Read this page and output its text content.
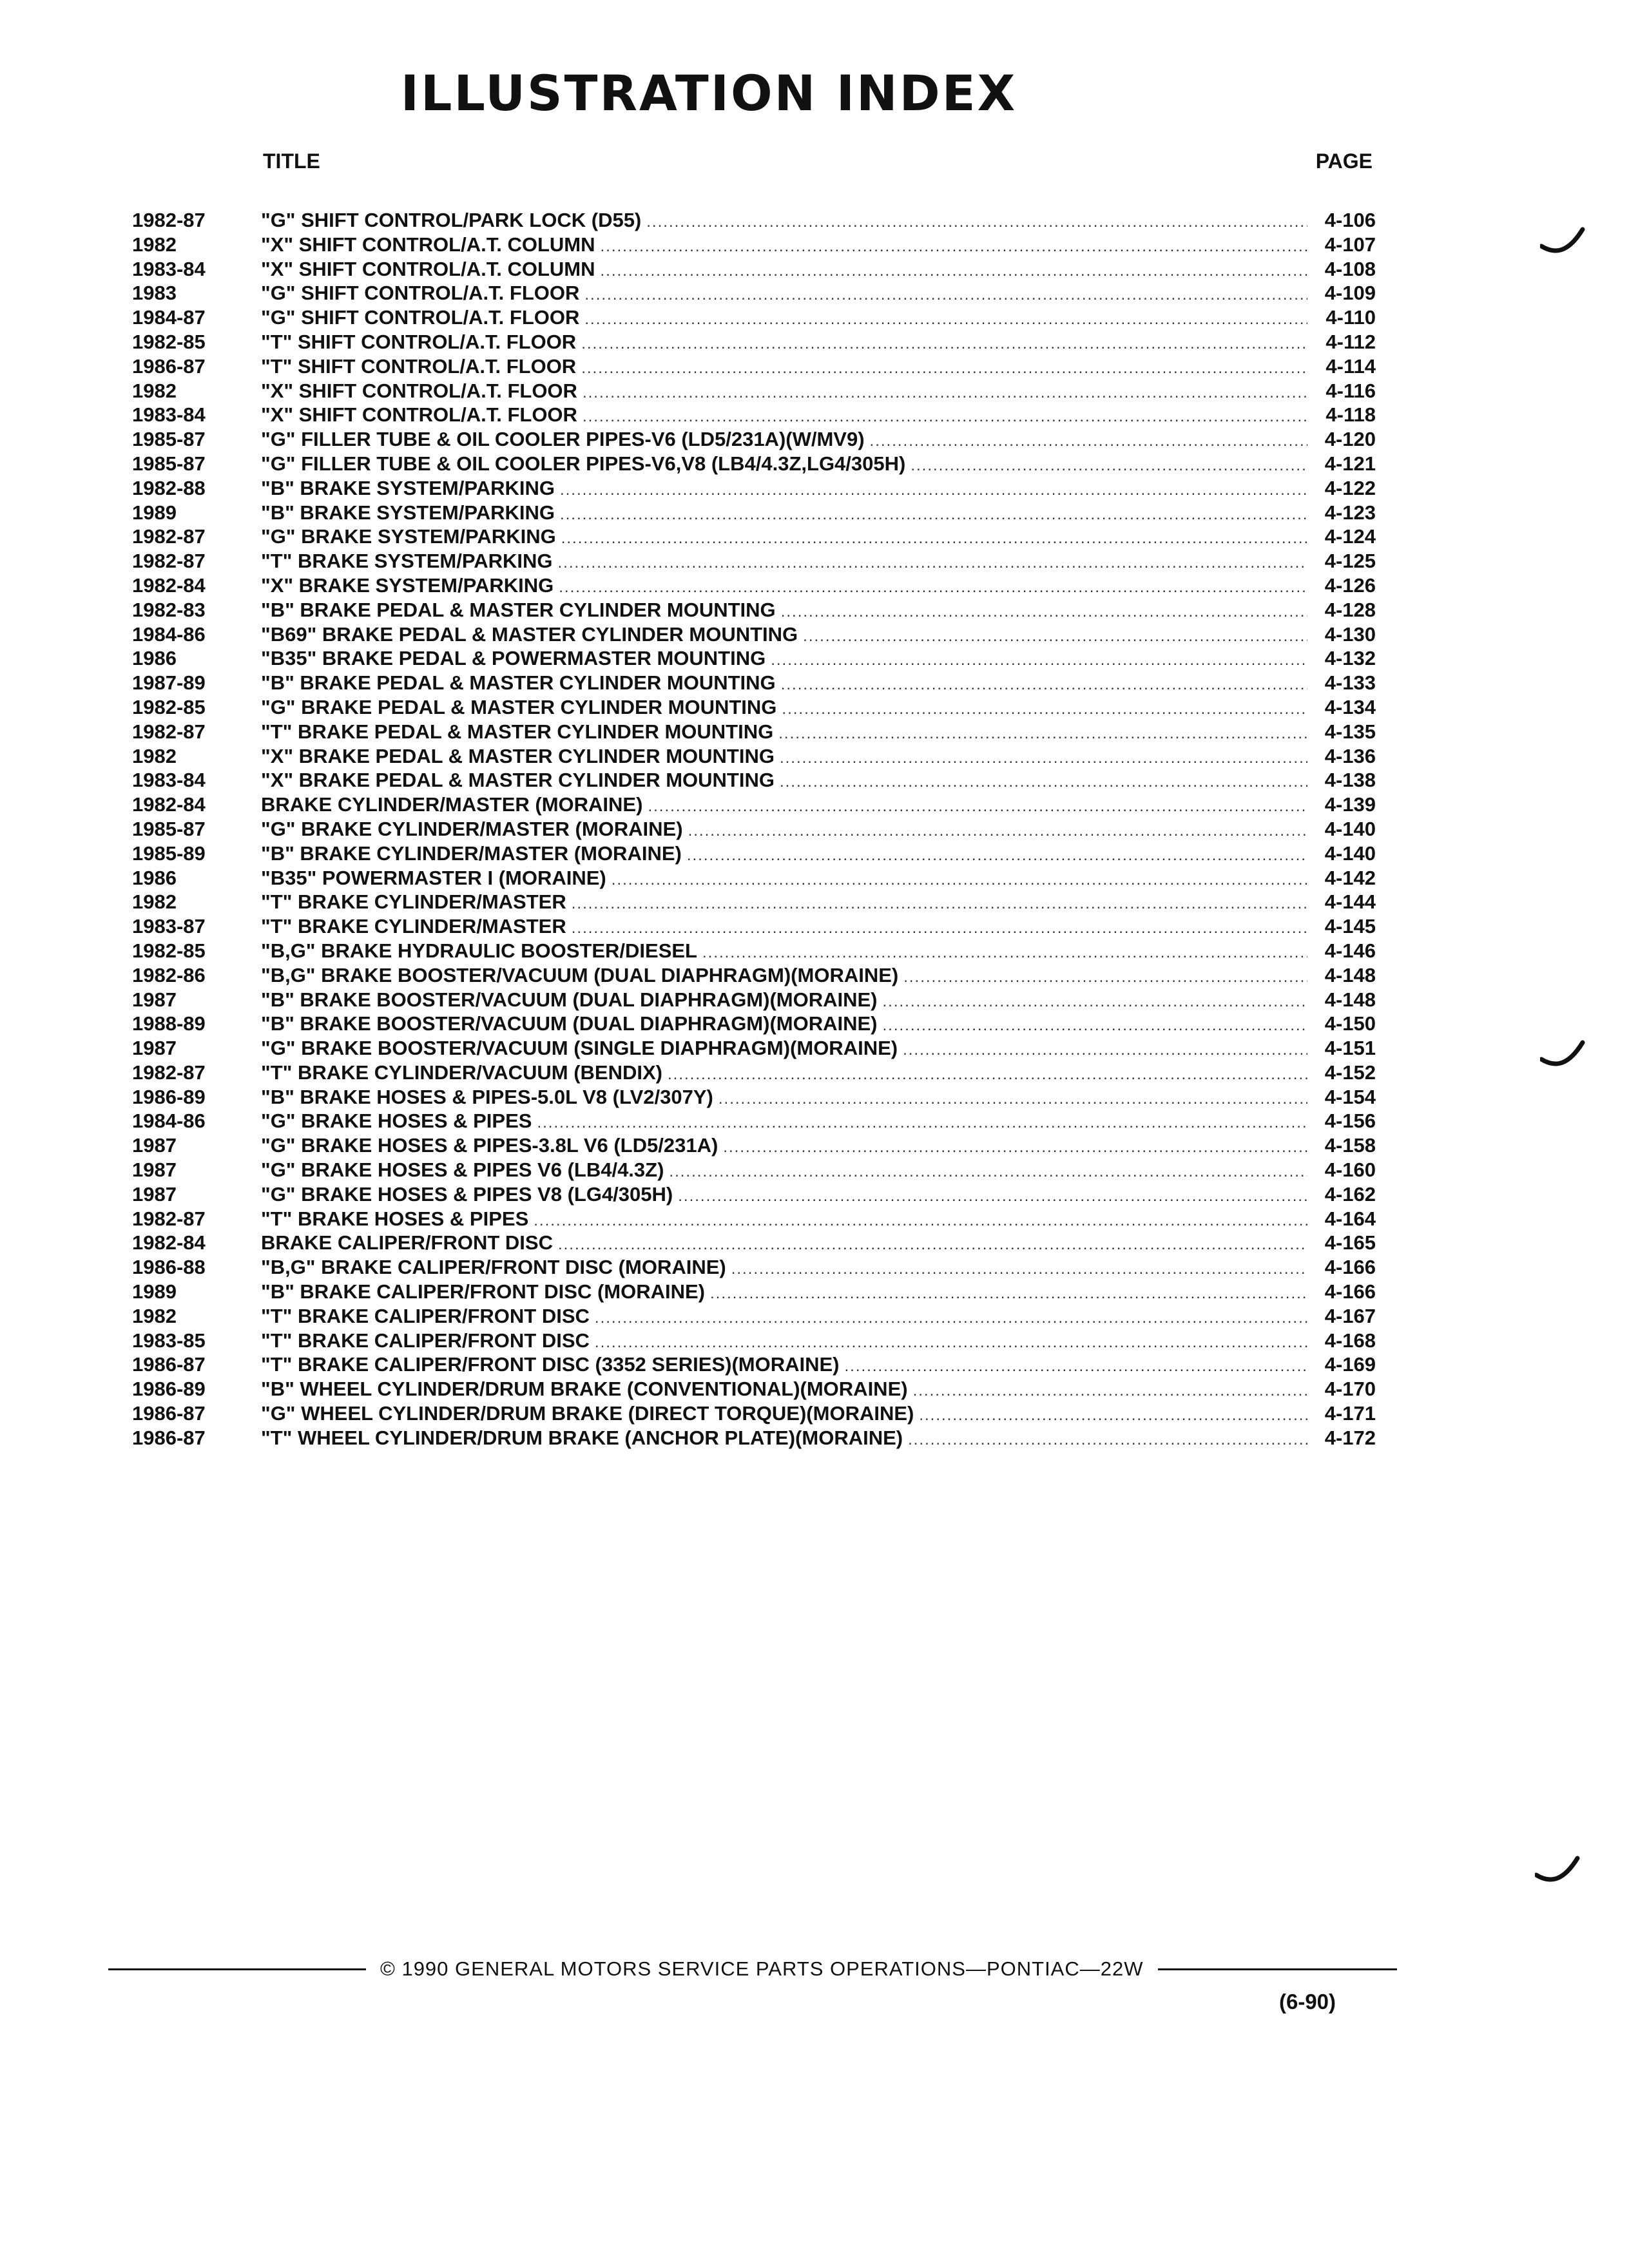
ILLUSTRATION INDEX
TITLE	PAGE
1982-87	"G" SHIFT CONTROL/PARK LOCK (D55) .....	4-106
1982	"X" SHIFT CONTROL/A.T. COLUMN .....	4-107
1983-84	"X" SHIFT CONTROL/A.T. COLUMN .....	4-108
1983	"G" SHIFT CONTROL/A.T. FLOOR .....	4-109
1984-87	"G" SHIFT CONTROL/A.T. FLOOR .....	4-110
1982-85	"T" SHIFT CONTROL/A.T. FLOOR .....	4-112
1986-87	"T" SHIFT CONTROL/A.T. FLOOR .....	4-114
1982	"X" SHIFT CONTROL/A.T. FLOOR .....	4-116
1983-84	"X" SHIFT CONTROL/A.T. FLOOR .....	4-118
1985-87	"G" FILLER TUBE & OIL COOLER PIPES-V6 (LD5/231A)(W/MV9) .....	4-120
1985-87	"G" FILLER TUBE & OIL COOLER PIPES-V6,V8 (LB4/4.3Z,LG4/305H) .....	4-121
1982-88	"B" BRAKE SYSTEM/PARKING .....	4-122
1989	"B" BRAKE SYSTEM/PARKING .....	4-123
1982-87	"G" BRAKE SYSTEM/PARKING .....	4-124
1982-87	"T" BRAKE SYSTEM/PARKING .....	4-125
1982-84	"X" BRAKE SYSTEM/PARKING .....	4-126
1982-83	"B" BRAKE PEDAL & MASTER CYLINDER MOUNTING .....	4-128
1984-86	"B69" BRAKE PEDAL & MASTER CYLINDER MOUNTING .....	4-130
1986	"B35" BRAKE PEDAL & POWERMASTER MOUNTING .....	4-132
1987-89	"B" BRAKE PEDAL & MASTER CYLINDER MOUNTING .....	4-133
1982-85	"G" BRAKE PEDAL & MASTER CYLINDER MOUNTING .....	4-134
1982-87	"T" BRAKE PEDAL & MASTER CYLINDER MOUNTING .....	4-135
1982	"X" BRAKE PEDAL & MASTER CYLINDER MOUNTING .....	4-136
1983-84	"X" BRAKE PEDAL & MASTER CYLINDER MOUNTING .....	4-138
1982-84	BRAKE CYLINDER/MASTER (MORAINE) .....	4-139
1985-87	"G" BRAKE CYLINDER/MASTER (MORAINE) .....	4-140
1985-89	"B" BRAKE CYLINDER/MASTER (MORAINE) .....	4-140
1986	"B35" POWERMASTER I (MORAINE) .....	4-142
1982	"T" BRAKE CYLINDER/MASTER .....	4-144
1983-87	"T" BRAKE CYLINDER/MASTER .....	4-145
1982-85	"B,G" BRAKE HYDRAULIC BOOSTER/DIESEL .....	4-146
1982-86	"B,G" BRAKE BOOSTER/VACUUM (DUAL DIAPHRAGM)(MORAINE) .....	4-148
1987	"B" BRAKE BOOSTER/VACUUM (DUAL DIAPHRAGM)(MORAINE) .....	4-148
1988-89	"B" BRAKE BOOSTER/VACUUM (DUAL DIAPHRAGM)(MORAINE) .....	4-150
1987	"G" BRAKE BOOSTER/VACUUM (SINGLE DIAPHRAGM)(MORAINE) .....	4-151
1982-87	"T" BRAKE CYLINDER/VACUUM (BENDIX) .....	4-152
1986-89	"B" BRAKE HOSES & PIPES-5.0L V8 (LV2/307Y) .....	4-154
1984-86	"G" BRAKE HOSES & PIPES .....	4-156
1987	"G" BRAKE HOSES & PIPES-3.8L V6 (LD5/231A) .....	4-158
1987	"G" BRAKE HOSES & PIPES V6 (LB4/4.3Z) .....	4-160
1987	"G" BRAKE HOSES & PIPES V8 (LG4/305H) .....	4-162
1982-87	"T" BRAKE HOSES & PIPES .....	4-164
1982-84	BRAKE CALIPER/FRONT DISC .....	4-165
1986-88	"B,G" BRAKE CALIPER/FRONT DISC (MORAINE) .....	4-166
1989	"B" BRAKE CALIPER/FRONT DISC (MORAINE) .....	4-166
1982	"T" BRAKE CALIPER/FRONT DISC .....	4-167
1983-85	"T" BRAKE CALIPER/FRONT DISC .....	4-168
1986-87	"T" BRAKE CALIPER/FRONT DISC (3352 SERIES)(MORAINE) .....	4-169
1986-89	"B" WHEEL CYLINDER/DRUM BRAKE (CONVENTIONAL)(MORAINE) .....	4-170
1986-87	"G" WHEEL CYLINDER/DRUM BRAKE (DIRECT TORQUE)(MORAINE) .....	4-171
1986-87	"T" WHEEL CYLINDER/DRUM BRAKE (ANCHOR PLATE)(MORAINE) .....	4-172
© 1990 GENERAL MOTORS SERVICE PARTS OPERATIONS—PONTIAC—22W
(6-90)
